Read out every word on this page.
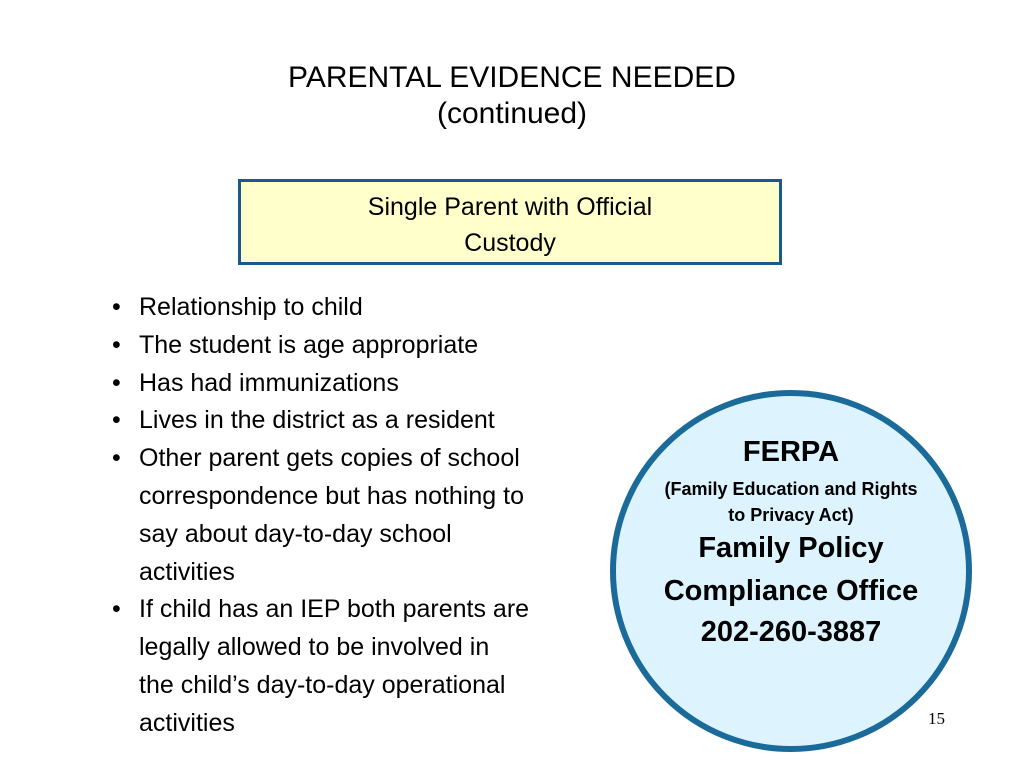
PARENTAL EVIDENCE NEEDED
(continued)
Single Parent with Official
Custody
• Relationship to child
• The student is age appropriate
• Has had immunizations
• Lives in the district as a resident
• Other parent gets copies of school
correspondence but has nothing to
say about day-to-day school
activities
• If child has an IEP both parents are
legally allowed to be involved in
the child’s day-to-day operational
activities
FERPA
(Family Education and Rights
to Privacy Act)
Family Policy
Compliance Office
202-260-3887
15
